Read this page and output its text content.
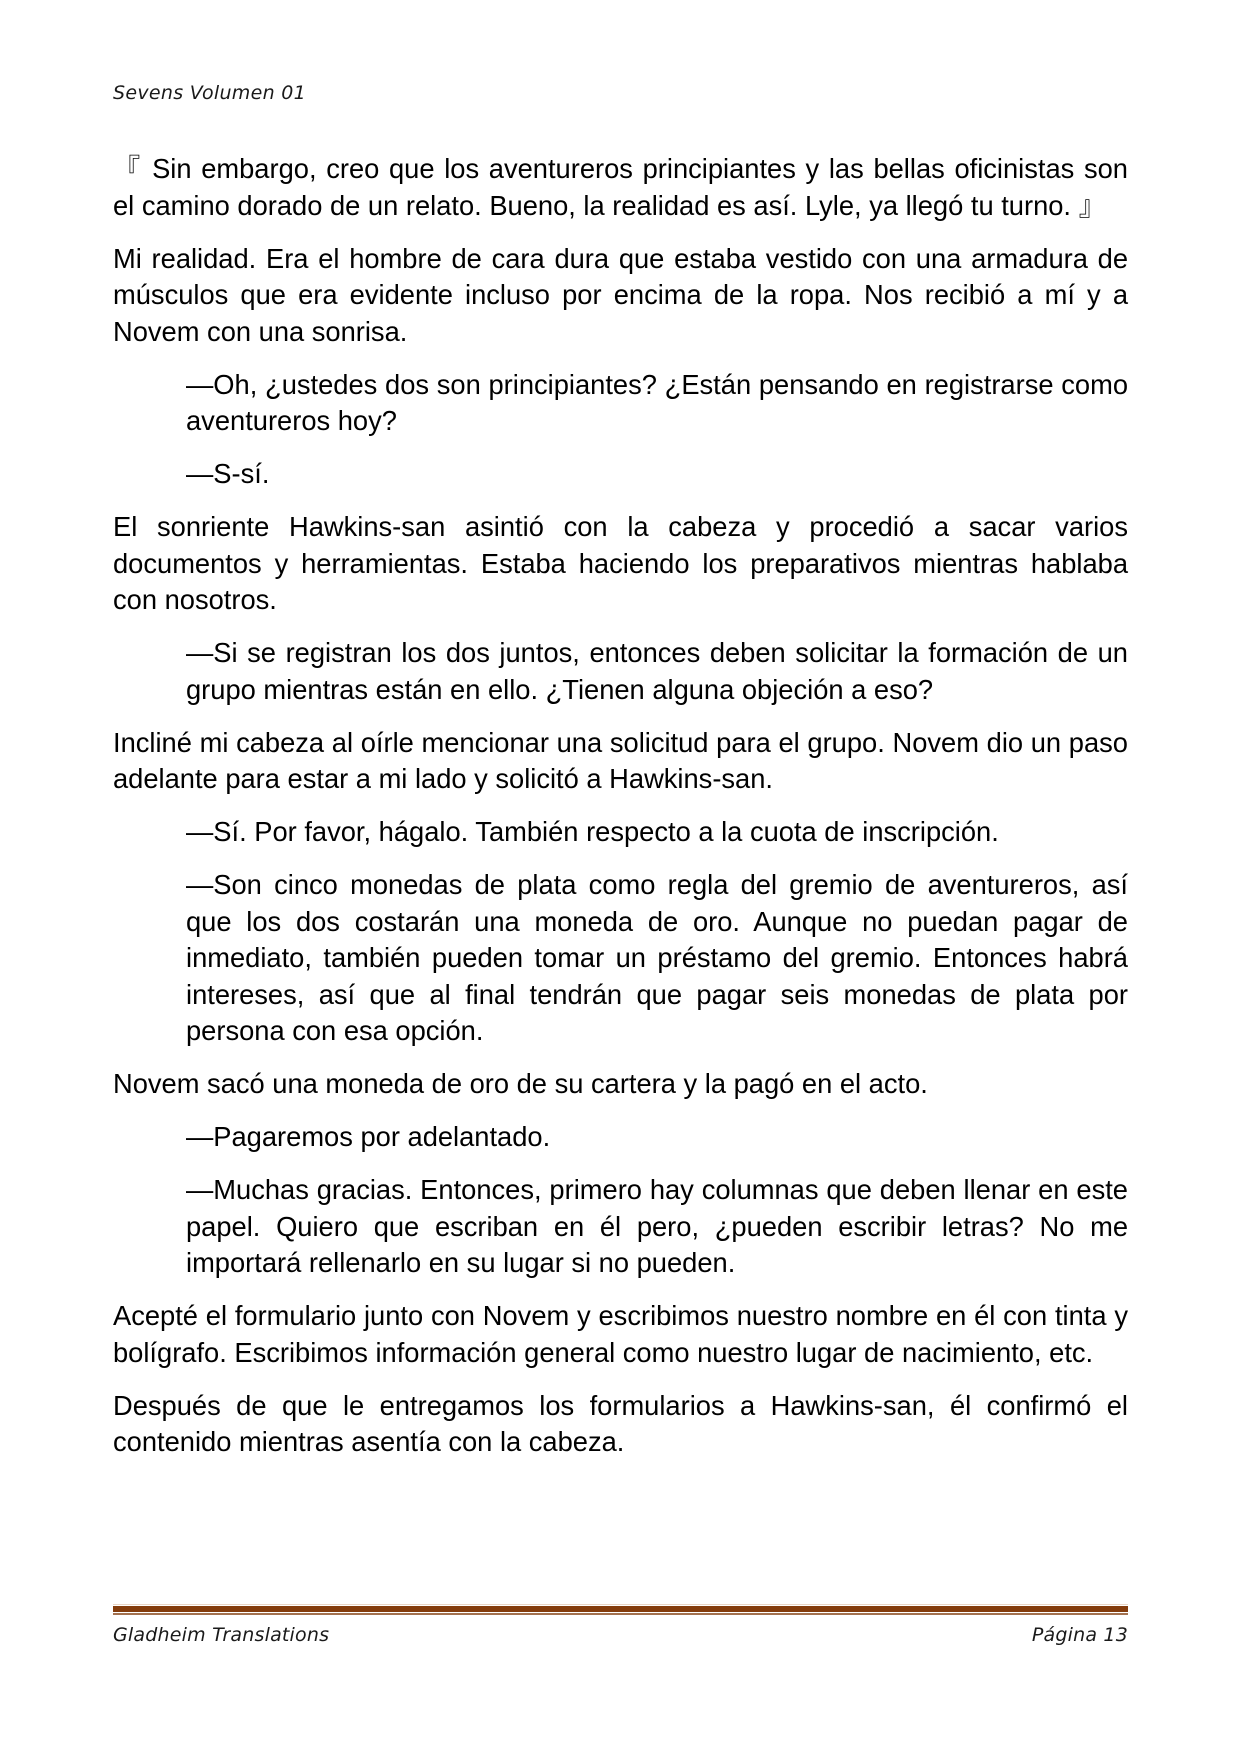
Sevens Volumen 01

『 Sin embargo, creo que los aventureros principiantes y las bellas oficinistas son el camino dorado de un relato. Bueno, la realidad es así. Lyle, ya llegó tu turno. 』

Mi realidad. Era el hombre de cara dura que estaba vestido con una armadura de músculos que era evidente incluso por encima de la ropa. Nos recibió a mí y a Novem con una sonrisa.

—Oh, ¿ustedes dos son principiantes? ¿Están pensando en registrarse como aventureros hoy?

—S-sí.

El sonriente Hawkins-san asintió con la cabeza y procedió a sacar varios documentos y herramientas. Estaba haciendo los preparativos mientras hablaba con nosotros.

—Si se registran los dos juntos, entonces deben solicitar la formación de un grupo mientras están en ello. ¿Tienen alguna objeción a eso?

Incliné mi cabeza al oírle mencionar una solicitud para el grupo. Novem dio un paso adelante para estar a mi lado y solicitó a Hawkins-san.

—Sí. Por favor, hágalo. También respecto a la cuota de inscripción.

—Son cinco monedas de plata como regla del gremio de aventureros, así que los dos costarán una moneda de oro. Aunque no puedan pagar de inmediato, también pueden tomar un préstamo del gremio. Entonces habrá intereses, así que al final tendrán que pagar seis monedas de plata por persona con esa opción.

Novem sacó una moneda de oro de su cartera y la pagó en el acto.

—Pagaremos por adelantado.

—Muchas gracias. Entonces, primero hay columnas que deben llenar en este papel. Quiero que escriban en él pero, ¿pueden escribir letras? No me importará rellenarlo en su lugar si no pueden.

Acepté el formulario junto con Novem y escribimos nuestro nombre en él con tinta y bolígrafo. Escribimos información general como nuestro lugar de nacimiento, etc.

Después de que le entregamos los formularios a Hawkins-san, él confirmó el contenido mientras asentía con la cabeza.

Gladheim Translations	Página 13
